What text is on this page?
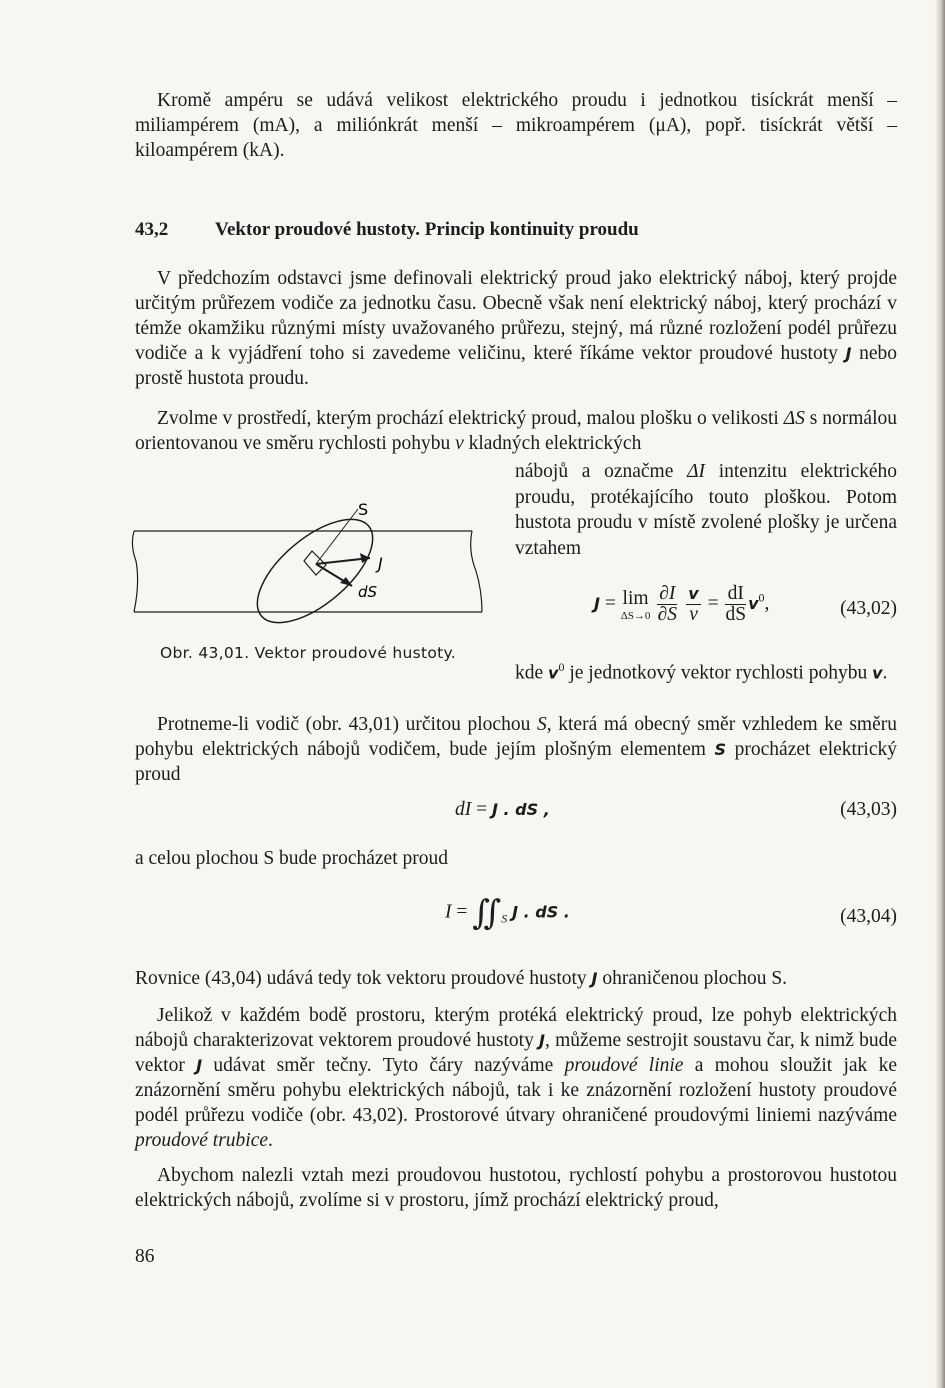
Kromě ampéru se udává velikost elektrického proudu i jednotkou tisíckrát menší – miliampérem (mA), a miliónkrát menší – mikroampérem (μA), popř. tisíckrát větší – kiloampérem (kA).

43,2 Vektor proudové hustoty. Princip kontinuity proudu

V předchozím odstavci jsme definovali elektrický proud jako elektrický náboj, který projde určitým průřezem vodiče za jednotku času. Obecně však není elektrický náboj, který prochází v témže okamžiku různými místy uvažovaného průřezu, stejný, má různé rozložení podél průřezu vodiče a k vyjádření toho si zavedeme veličinu, které říkáme vektor proudové hustoty J nebo prostě hustota proudu.

Zvolme v prostředí, kterým prochází elektrický proud, malou plošku o velikosti ΔS s normálou orientovanou ve směru rychlosti pohybu v kladných elektrických

nábojů a označme ΔI intenzitu elektrického proudu, protékajícího touto ploškou. Potom hustota proudu v místě zvolené plošky je určena vztahem

S
J
dS
Obr. 43,01. Vektor proudové hustoty.
J = lim
ΔS→0
$\frac{\partial I}{\partial S}$
$\frac{v}{v} = \frac{dI}{dS} v^0$,	(43,02)

kde $v^0$ je jednotkový vektor rychlosti pohybu v.

Protneme-li vodič (obr. 43,01) určitou plochou S, která má obecný směr vzhledem ke směru pohybu elektrických nábojů vodičem, bude jejím plošným elementem S procházet elektrický proud

dI = J . dS ,	(43,03)

a celou plochou S bude procházet proud

$I = ∬_S$ J . dS .	(43,04)

Rovnice (43,04) udává tedy tok vektoru proudové hustoty J ohraničenou plochou S.

Jelikož v každém bodě prostoru, kterým protéká elektrický proud, lze pohyb elektrických nábojů charakterizovat vektorem proudové hustoty J, můžeme sestrojit soustavu čar, k nimž bude vektor J udávat směr tečny. Tyto čáry nazýváme proudové linie a mohou sloužit jak ke znázornění směru pohybu elektrických nábojů, tak i ke znázornění rozložení hustoty proudové podél průřezu vodiče (obr. 43,02). Prostorové útvary ohraničené proudovými liniemi nazýváme proudové trubice.

Abychom nalezli vztah mezi proudovou hustotou, rychlostí pohybu a prostorovou hustotou elektrických nábojů, zvolíme si v prostoru, jímž prochází elektrický proud,

86
